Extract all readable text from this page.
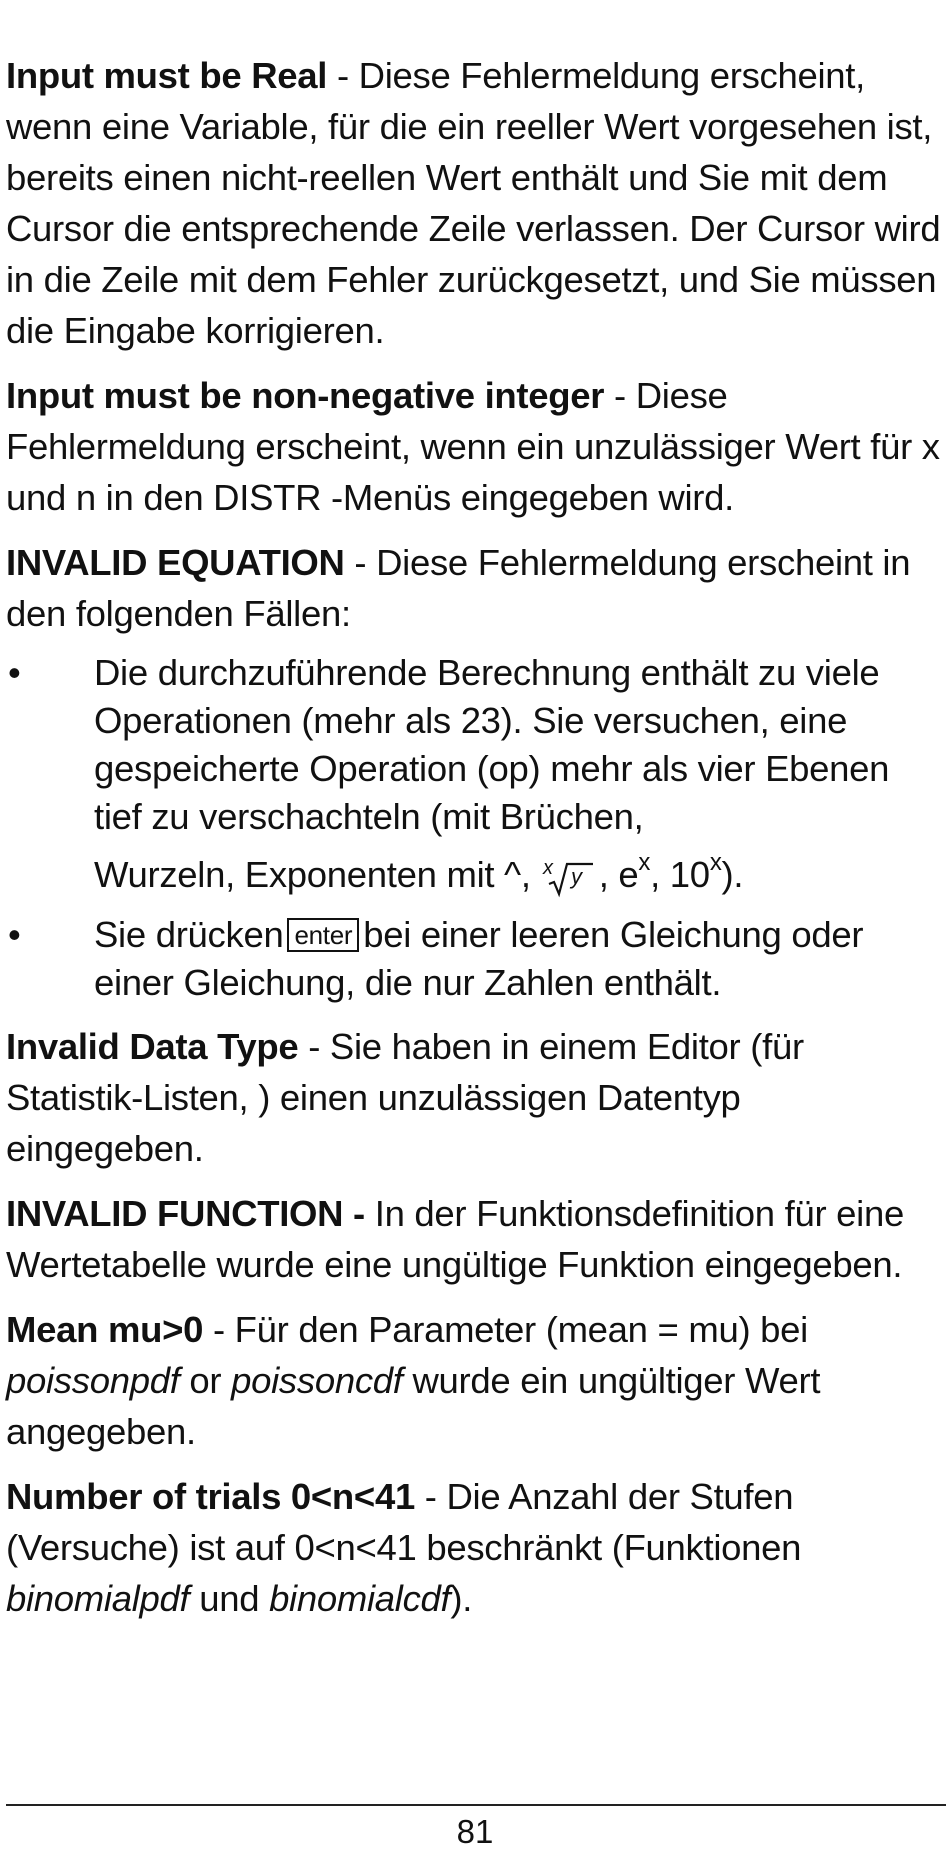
Input must be Real - Diese Fehlermeldung erscheint, wenn eine Variable, für die ein reeller Wert vorgesehen ist, bereits einen nicht-reellen Wert enthält und Sie mit dem Cursor die entsprechende Zeile verlassen. Der Cursor wird in die Zeile mit dem Fehler zurückgesetzt, und Sie müssen die Eingabe korrigieren.

Input must be non-negative integer - Diese Fehlermeldung erscheint, wenn ein unzulässiger Wert für x und n in den DISTR -Menüs eingegeben wird.

INVALID EQUATION - Diese Fehlermeldung erscheint in den folgenden Fällen:

• Die durchzuführende Berechnung enthält zu viele Operationen (mehr als 23). Sie versuchen, eine gespeicherte Operation (op) mehr als vier Ebenen tief zu verschachteln (mit Brüchen,
Wurzeln, Exponenten mit ^, x y , $e^x$, 10$^x$).
• Sie drücken enter bei einer leeren Gleichung oder einer Gleichung, die nur Zahlen enthält.

Invalid Data Type - Sie haben in einem Editor (für Statistik-Listen, ) einen unzulässigen Datentyp eingegeben.

INVALID FUNCTION - In der Funktionsdefinition für eine Wertetabelle wurde eine ungültige Funktion eingegeben.

Mean mu>0 - Für den Parameter (mean = mu) bei poissonpdf or poissoncdf wurde ein ungültiger Wert angegeben.

Number of trials 0<n<41 - Die Anzahl der Stufen (Versuche) ist auf 0<n<41 beschränkt (Funktionen binomialpdf und binomialcdf).

81
